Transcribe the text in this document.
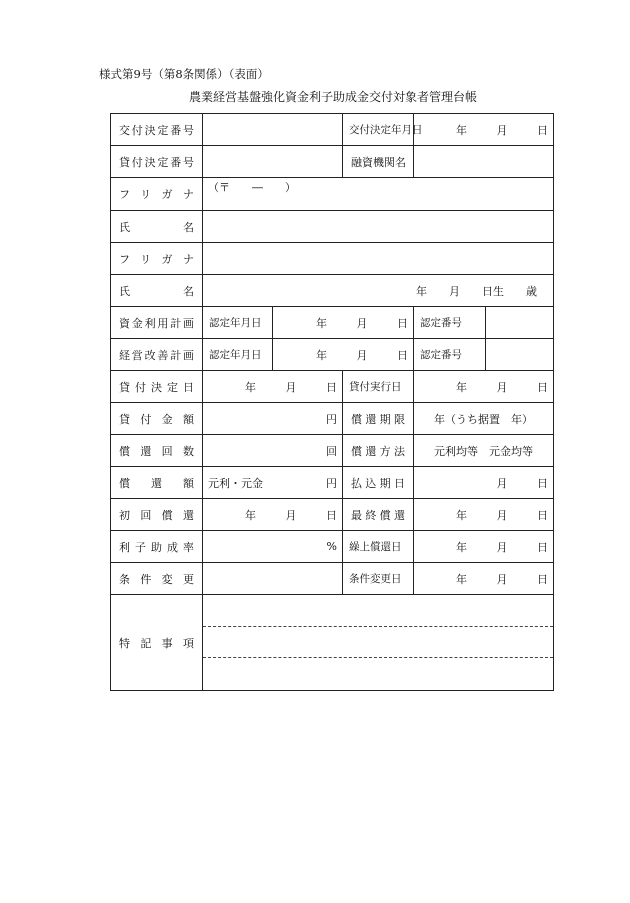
様式第9号（第8条関係）（表面）
農業経営基盤強化資金利子助成金交付対象者管理台帳
交付決定番号			交付決定年月日	年 月 日	
貸付決定番号			融資機関名		
フリガナ	（〒　　―　　）				
氏名					
フリガナ					
氏名	年　　月　　日生　　歳				
資金利用計画	認定年月日	年 月 日		認定番号	
経営改善計画	認定年月日	年 月 日		認定番号	
貸付決定日	年 月 日		貸付実行日	年 月 日	
貸付金額	円		償還期限	年（うち据置　年）	
償還回数	回		償還方法	元利均等　元金均等	
償還額	元利・元金 円		払込期日	月 日	
初回償還	年 月 日		最終償還	年 月 日	
利子助成率	%		繰上償還日	年 月 日	
条件変更			条件変更日	年 月 日	
特記事項					
